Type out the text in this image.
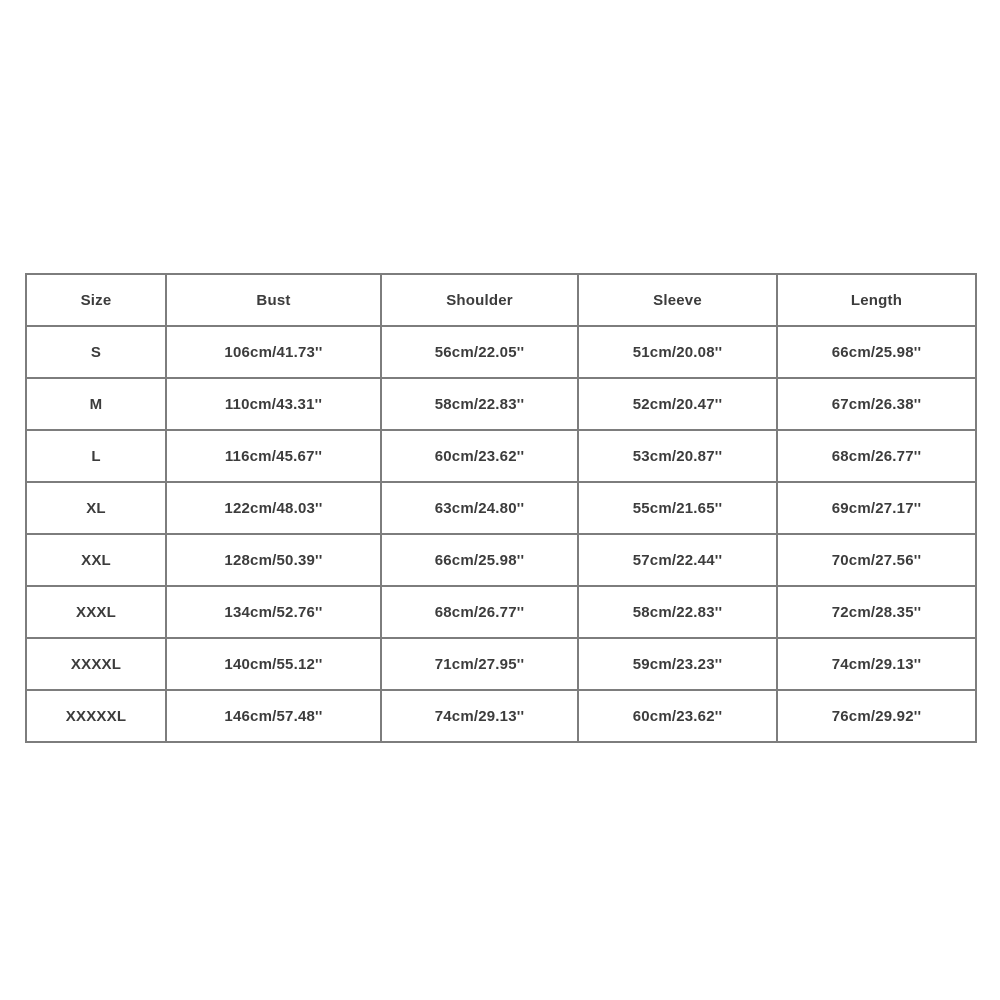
Size	Bust	Shoulder	Sleeve	Length
S	106cm/41.73''	56cm/22.05''	51cm/20.08''	66cm/25.98''
M	110cm/43.31''	58cm/22.83''	52cm/20.47''	67cm/26.38''
L	116cm/45.67''	60cm/23.62''	53cm/20.87''	68cm/26.77''
XL	122cm/48.03''	63cm/24.80''	55cm/21.65''	69cm/27.17''
XXL	128cm/50.39''	66cm/25.98''	57cm/22.44''	70cm/27.56''
XXXL	134cm/52.76''	68cm/26.77''	58cm/22.83''	72cm/28.35''
XXXXL	140cm/55.12''	71cm/27.95''	59cm/23.23''	74cm/29.13''
XXXXXL	146cm/57.48''	74cm/29.13''	60cm/23.62''	76cm/29.92''
